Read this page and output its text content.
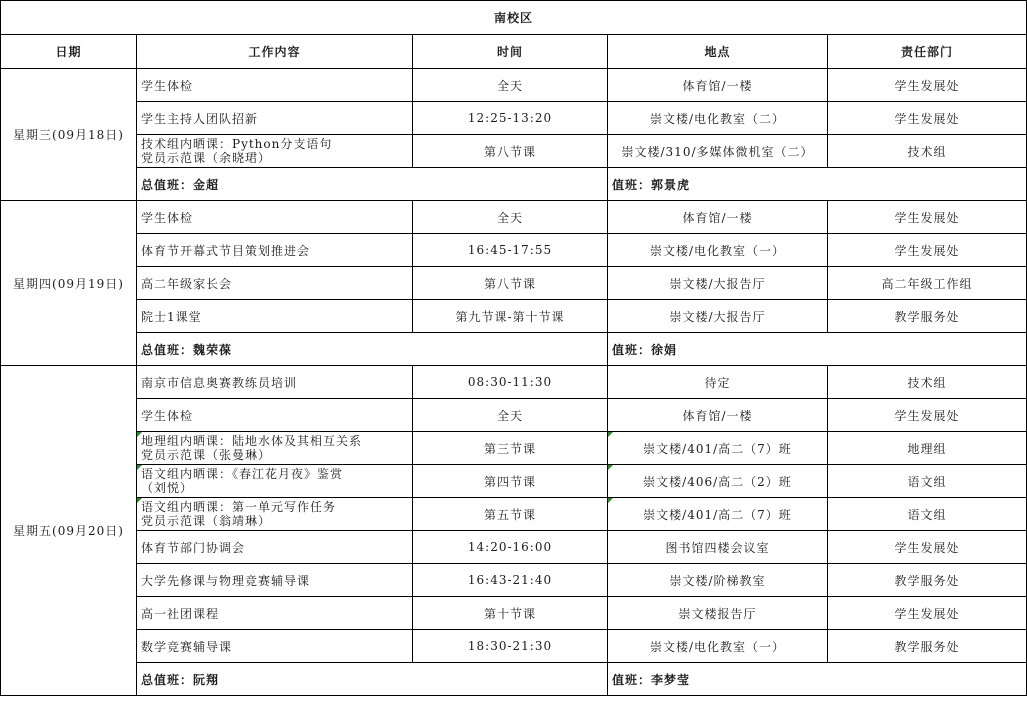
南校区				
日期	工作内容	时间	地点	责任部门
星期三(09月18日)	学生体检	全天	体育馆/一楼	学生发展处

	学生主持人团队招新	12:25-13:20	崇文楼/电化教室（二）	学生发展处

	技术组内晒课：Python分支语句
党员示范课（余晓珺）	第八节课	崇文楼/310/多媒体微机室（二）	技术组
	总值班：金超		值班：郭景虎	
星期四(09月19日)	学生体检	全天	体育馆/一楼	学生发展处

	体育节开幕式节目策划推进会	16:45-17:55	崇文楼/电化教室（一）	学生发展处

	高二年级家长会	第八节课	崇文楼/大报告厅	高二年级工作组

	院士1课堂	第九节课-第十节课	崇文楼/大报告厅	教学服务处
	总值班：魏荣葆		值班：徐娟	
星期五(09月20日)	南京市信息奥赛教练员培训	08:30-11:30	待定	技术组

	学生体检	全天	体育馆/一楼	学生发展处

	地理组内晒课：陆地水体及其相互关系
党员示范课（张曼琳）	第三节课	崇文楼/401/高二（7）班	地理组

	语文组内晒课：《春江花月夜》鉴赏
（刘悦）	第四节课	崇文楼/406/高二（2）班	语文组

	语文组内晒课：第一单元写作任务
党员示范课（翁靖琳）	第五节课	崇文楼/401/高二（7）班	语文组

	体育节部门协调会	14:20-16:00	图书馆四楼会议室	学生发展处

	大学先修课与物理竞赛辅导课	16:43-21:40	崇文楼/阶梯教室	教学服务处

	高一社团课程	第十节课	崇文楼报告厅	学生发展处

	数学竞赛辅导课	18:30-21:30	崇文楼/电化教室（一）	教学服务处
	总值班：阮翔		值班：李梦莹	
